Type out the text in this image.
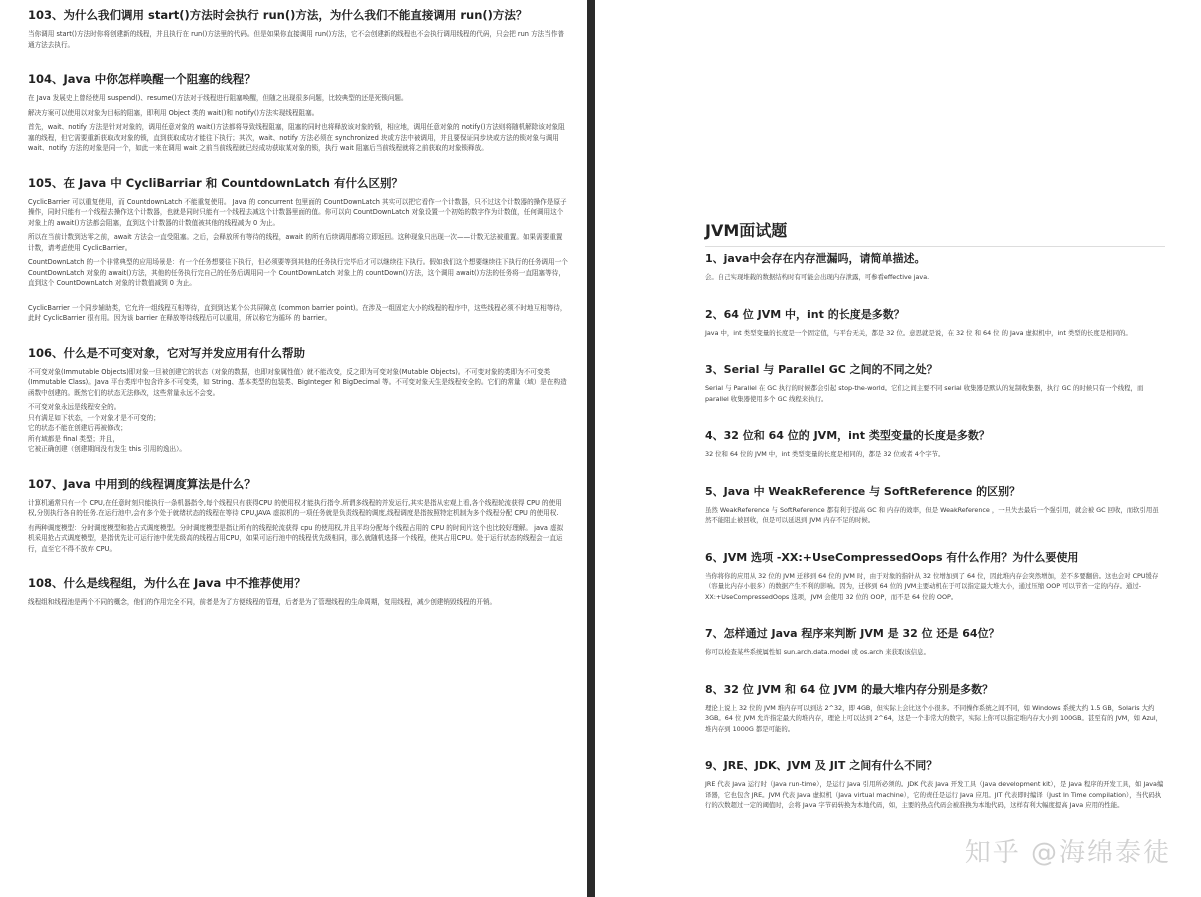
103、为什么我们调用 start()方法时会执行 run()方法，为什么我们不能直接调用 run()方法？

当你调用 start()方法时你将创建新的线程，并且执行在 run()方法里的代码。但是如果你直接调用 run()方法，它不会创建新的线程也不会执行调用线程的代码，只会把 run 方法当作普通方法去执行。

104、Java 中你怎样唤醒一个阻塞的线程？

在 Java 发展史上曾经使用 suspend()、resume()方法对于线程进行阻塞唤醒，但随之出现很多问题，比较典型的还是死锁问题。

解决方案可以使用以对象为目标的阻塞，即利用 Object 类的 wait()和 notify()方法实现线程阻塞。

首先，wait、notify 方法是针对对象的，调用任意对象的 wait()方法都将导致线程阻塞，阻塞的同时也将释放该对象的锁，相应地，调用任意对象的 notify()方法则将随机解除该对象阻塞的线程，但它需要重新获取改对象的锁，直到获取成功才能往下执行；其次，wait、notify 方法必须在 synchronized 块或方法中被调用，并且要保证同步块或方法的锁对象与调用 wait、notify 方法的对象是同一个，如此一来在调用 wait 之前当前线程就已经成功获取某对象的锁，执行 wait 阻塞后当前线程就将之前获取的对象锁释放。

105、在 Java 中 CycliBarriar 和 CountdownLatch 有什么区别？

CyclicBarrier 可以重复使用，而 CountdownLatch 不能重复使用。 Java 的 concurrent 包里面的 CountDownLatch 其实可以把它看作一个计数器，只不过这个计数器的操作是原子操作，同时只能有一个线程去操作这个计数器，也就是同时只能有一个线程去减这个计数器里面的值。你可以向 CountDownLatch 对象设置一个初始的数字作为计数值，任何调用这个对象上的 await()方法都会阻塞，直到这个计数器的计数值被其他的线程减为 0 为止。

所以在当前计数到达零之前，await 方法会一直受阻塞。之后，会释放所有等待的线程，await 的所有后续调用都将立即返回。这种现象只出现一次——计数无法被重置。如果需要重置计数，请考虑使用 CyclicBarrier。

CountDownLatch 的一个非常典型的应用场景是：有一个任务想要往下执行，但必须要等到其他的任务执行完毕后才可以继续往下执行。假如我们这个想要继续往下执行的任务调用一个 CountDownLatch 对象的 await()方法，其他的任务执行完自己的任务后调用同一个 CountDownLatch 对象上的 countDown()方法，这个调用 await()方法的任务将一直阻塞等待，直到这个 CountDownLatch 对象的计数值减到 0 为止。

CyclicBarrier 一个同步辅助类，它允许一组线程互相等待，直到到达某个公共屏障点 (common barrier point)。在涉及一组固定大小的线程的程序中，这些线程必须不时地互相等待，此时 CyclicBarrier 很有用。因为该 barrier 在释放等待线程后可以重用，所以称它为循环 的 barrier。

106、什么是不可变对象，它对写并发应用有什么帮助

不可变对象(Immutable Objects)即对象一旦被创建它的状态（对象的数据，也即对象属性值）就不能改变，反之即为可变对象(Mutable Objects)。不可变对象的类即为不可变类(Immutable Class)。Java 平台类库中包含许多不可变类，如 String、基本类型的包装类、BigInteger 和 BigDecimal 等。不可变对象天生是线程安全的。它们的常量（域）是在构造函数中创建的。既然它们的状态无法修改，这些常量永远不会变。

不可变对象永远是线程安全的。

只有满足如下状态，一个对象才是不可变的；

它的状态不能在创建后再被修改；

所有域都是 final 类型；并且，

它被正确创建（创建期间没有发生 this 引用的逸出）。

107、Java 中用到的线程调度算法是什么？

计算机通常只有一个 CPU,在任意时刻只能执行一条机器指令,每个线程只有获得CPU 的使用权才能执行指令.所谓多线程的并发运行,其实是指从宏观上看,各个线程轮流获得 CPU 的使用权,分别执行各自的任务.在运行池中,会有多个处于就绪状态的线程在等待 CPU,JAVA 虚拟机的一项任务就是负责线程的调度,线程调度是指按照特定机制为多个线程分配 CPU 的使用权.

有两种调度模型：分时调度模型和抢占式调度模型。分时调度模型是指让所有的线程轮流获得 cpu 的使用权,并且平均分配每个线程占用的 CPU 的时间片这个也比较好理解。 java 虚拟机采用抢占式调度模型，是指优先让可运行池中优先级高的线程占用CPU，如果可运行池中的线程优先级相同，那么就随机选择一个线程，使其占用CPU。处于运行状态的线程会一直运行，直至它不得不放弃 CPU。

108、什么是线程组，为什么在 Java 中不推荐使用？

线程组和线程池是两个不同的概念，他们的作用完全不同，前者是为了方便线程的管理，后者是为了管理线程的生命周期，复用线程，减少创建销毁线程的开销。

JVM面试题
1、java中会存在内存泄漏吗，请简单描述。

会。自己实现堆载的数据结构时有可能会出现内存泄露，可参看effective java.

2、64 位 JVM 中，int 的长度是多数？

Java 中，int 类型变量的长度是一个固定值，与平台无关，都是 32 位。意思就是说，在 32 位 和 64 位 的 Java 虚拟机中，int 类型的长度是相同的。

3、Serial 与 Parallel GC 之间的不同之处？

Serial 与 Parallel 在 GC 执行的时候都会引起 stop-the-world。它们之间主要不同 serial 收集器是默认的复制收集器，执行 GC 的时候只有一个线程，而parallel 收集器使用多个 GC 线程来执行。

4、32 位和 64 位的 JVM，int 类型变量的长度是多数？

32 位和 64 位的 JVM 中，int 类型变量的长度是相同的，都是 32 位或者 4个字节。

5、Java 中 WeakReference 与 SoftReference 的区别？

虽然 WeakReference 与 SoftReference 都有利于提高 GC 和 内存的效率，但是 WeakReference ，一旦失去最后一个强引用，就会被 GC 回收，而软引用虽然不能阻止被回收，但是可以延迟到 JVM 内存不足的时候。

6、JVM 选项 -XX:+UseCompressedOops 有什么作用？为什么要使用

当你将你的应用从 32 位的 JVM 迁移到 64 位的 JVM 时，由于对象的指针从 32 位增加到了 64 位，因此堆内存会突然增加，差不多要翻倍。这也会对 CPU缓存（容量比内存小很多）的数据产生不利的影响。因为，迁移到 64 位的 JVM主要动机在于可以指定最大堆大小，通过压缩 OOP 可以节省一定的内存。通过-XX:+UseCompressedOops 选项，JVM 会使用 32 位的 OOP，而不是 64 位的 OOP。

7、怎样通过 Java 程序来判断 JVM 是 32 位 还是 64位？

你可以检查某些系统属性如 sun.arch.data.model 或 os.arch 来获取该信息。

8、32 位 JVM 和 64 位 JVM 的最大堆内存分别是多数？

理论上说上 32 位的 JVM 堆内存可以到达 2^32，即 4GB，但实际上会比这个小很多。不同操作系统之间不同，如 Windows 系统大约 1.5 GB，Solaris 大约3GB。64 位 JVM 允许指定最大的堆内存，理论上可以达到 2^64，这是一个非常大的数字，实际上你可以指定堆内存大小到 100GB。甚至有的 JVM，如 Azul，堆内存到 1000G 都是可能的。

9、JRE、JDK、JVM 及 JIT 之间有什么不同？

JRE 代表 Java 运行时（Java run-time），是运行 Java 引用所必须的。JDK 代表 Java 开发工具（Java development kit），是 Java 程序的开发工具，如 Java编译器，它也包含 JRE。JVM 代表 Java 虚拟机（Java virtual machine），它的责任是运行 Java 应用。JIT 代表即时编译（Just In Time compilation），当代码执行的次数超过一定的阈值时，会将 Java 字节码转换为本地代码，如，主要的热点代码会被准换为本地代码，这样有利大幅度提高 Java 应用的性能。

知乎 @海绵泰徒
